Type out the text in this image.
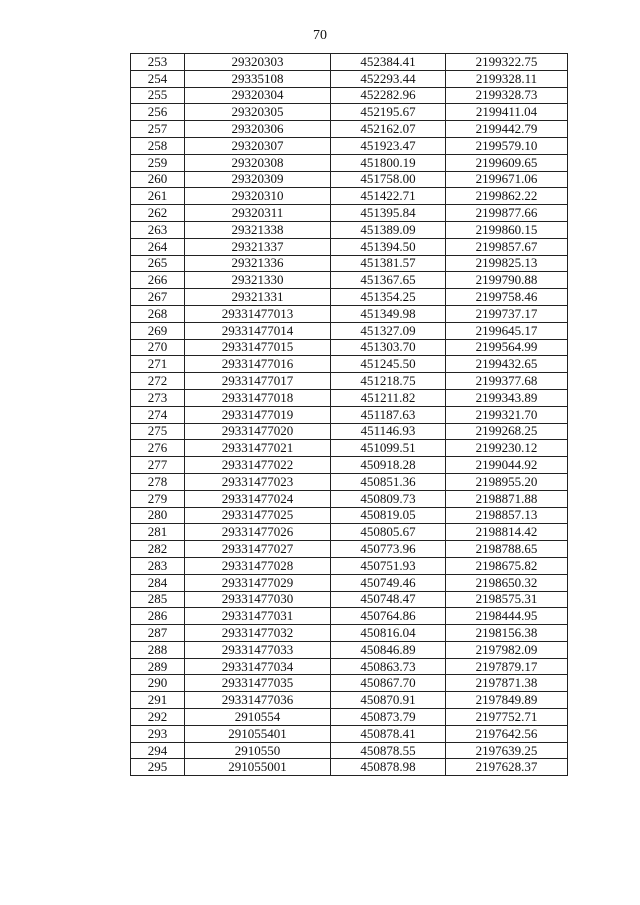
70
253	29320303	452384.41	2199322.75
254	29335108	452293.44	2199328.11
255	29320304	452282.96	2199328.73
256	29320305	452195.67	2199411.04
257	29320306	452162.07	2199442.79
258	29320307	451923.47	2199579.10
259	29320308	451800.19	2199609.65
260	29320309	451758.00	2199671.06
261	29320310	451422.71	2199862.22
262	29320311	451395.84	2199877.66
263	29321338	451389.09	2199860.15
264	29321337	451394.50	2199857.67
265	29321336	451381.57	2199825.13
266	29321330	451367.65	2199790.88
267	29321331	451354.25	2199758.46
268	29331477013	451349.98	2199737.17
269	29331477014	451327.09	2199645.17
270	29331477015	451303.70	2199564.99
271	29331477016	451245.50	2199432.65
272	29331477017	451218.75	2199377.68
273	29331477018	451211.82	2199343.89
274	29331477019	451187.63	2199321.70
275	29331477020	451146.93	2199268.25
276	29331477021	451099.51	2199230.12
277	29331477022	450918.28	2199044.92
278	29331477023	450851.36	2198955.20
279	29331477024	450809.73	2198871.88
280	29331477025	450819.05	2198857.13
281	29331477026	450805.67	2198814.42
282	29331477027	450773.96	2198788.65
283	29331477028	450751.93	2198675.82
284	29331477029	450749.46	2198650.32
285	29331477030	450748.47	2198575.31
286	29331477031	450764.86	2198444.95
287	29331477032	450816.04	2198156.38
288	29331477033	450846.89	2197982.09
289	29331477034	450863.73	2197879.17
290	29331477035	450867.70	2197871.38
291	29331477036	450870.91	2197849.89
292	2910554	450873.79	2197752.71
293	291055401	450878.41	2197642.56
294	2910550	450878.55	2197639.25
295	291055001	450878.98	2197628.37
